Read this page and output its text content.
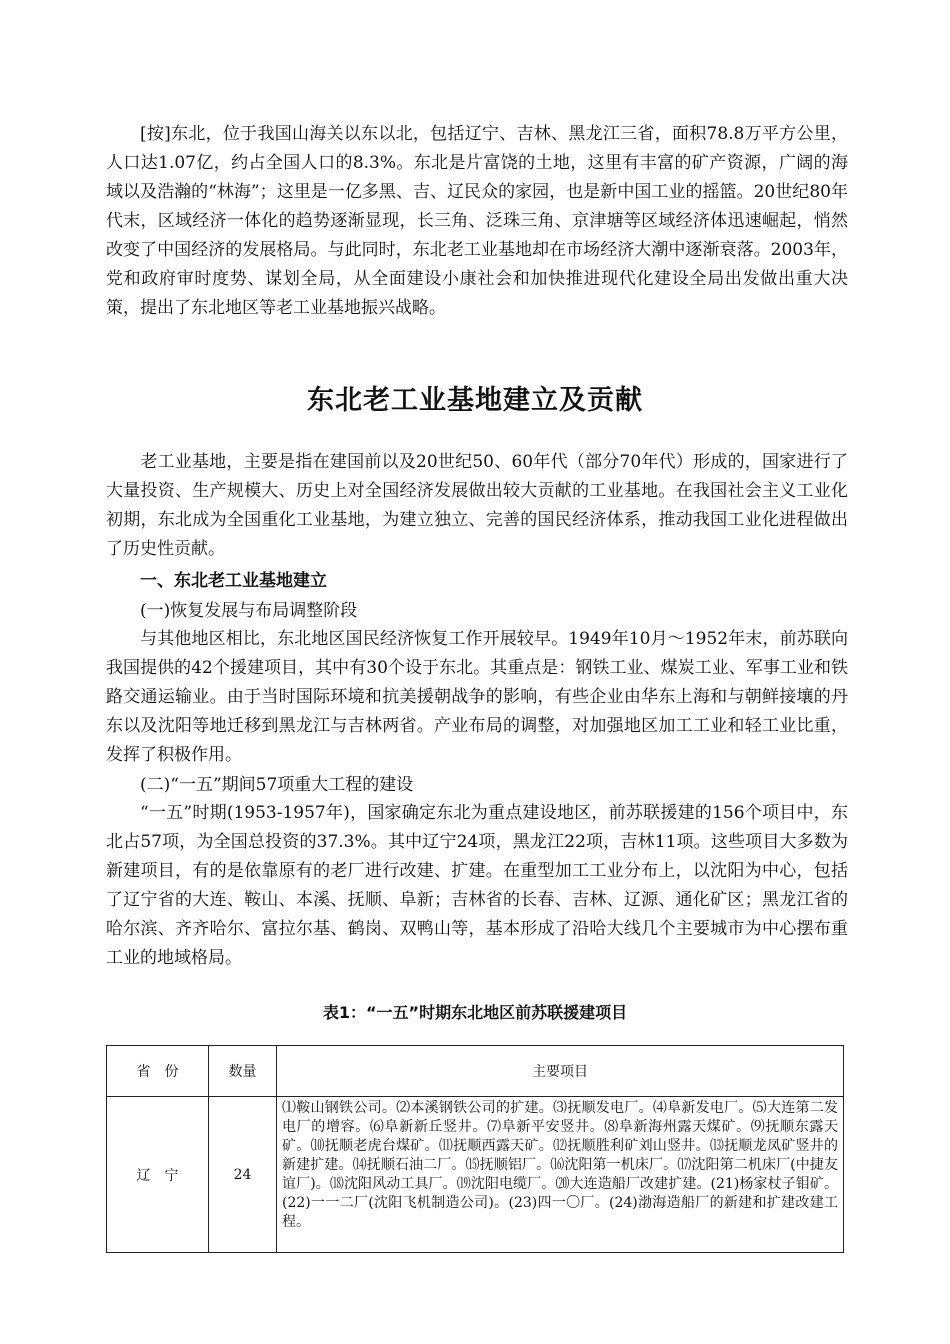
[按]东北，位于我国山海关以东以北，包括辽宁、吉林、黑龙江三省，面积78.8万平方公里，人口达1.07亿，约占全国人口的8.3%。东北是片富饶的土地，这里有丰富的矿产资源，广阔的海域以及浩瀚的“林海”；这里是一亿多黑、吉、辽民众的家园，也是新中国工业的摇篮。20世纪80年代末，区域经济一体化的趋势逐渐显现，长三角、泛珠三角、京津塘等区域经济体迅速崛起，悄然改变了中国经济的发展格局。与此同时，东北老工业基地却在市场经济大潮中逐渐衰落。2003年，党和政府审时度势、谋划全局，从全面建设小康社会和加快推进现代化建设全局出发做出重大决策，提出了东北地区等老工业基地振兴战略。

东北老工业基地建立及贡献

老工业基地，主要是指在建国前以及20世纪50、60年代（部分70年代）形成的，国家进行了大量投资、生产规模大、历史上对全国经济发展做出较大贡献的工业基地。在我国社会主义工业化初期，东北成为全国重化工业基地，为建立独立、完善的国民经济体系，推动我国工业化进程做出了历史性贡献。

一、东北老工业基地建立

(一)恢复发展与布局调整阶段

与其他地区相比，东北地区国民经济恢复工作开展较早。1949年10月～1952年末，前苏联向我国提供的42个援建项目，其中有30个设于东北。其重点是：钢铁工业、煤炭工业、军事工业和铁路交通运输业。由于当时国际环境和抗美援朝战争的影响，有些企业由华东上海和与朝鲜接壤的丹东以及沈阳等地迁移到黑龙江与吉林两省。产业布局的调整，对加强地区加工工业和轻工业比重，发挥了积极作用。

(二)“一五”期间57项重大工程的建设

“一五”时期(1953-1957年)，国家确定东北为重点建设地区，前苏联援建的156个项目中，东北占57项，为全国总投资的37.3%。其中辽宁24项，黑龙江22项，吉林11项。这些项目大多数为新建项目，有的是依靠原有的老厂进行改建、扩建。在重型加工工业分布上，以沈阳为中心，包括了辽宁省的大连、鞍山、本溪、抚顺、阜新；吉林省的长春、吉林、辽源、通化矿区；黑龙江省的哈尔滨、齐齐哈尔、富拉尔基、鹤岗、双鸭山等，基本形成了沿哈大线几个主要城市为中心摆布重工业的地域格局。

表1：“一五”时期东北地区前苏联援建项目

省　份	数量	主要项目
辽　宁	24	⑴鞍山钢铁公司。⑵本溪钢铁公司的扩建。⑶抚顺发电厂。⑷阜新发电厂。⑸大连第二发电厂的增容。⑹阜新新丘竖井。⑺阜新平安竖井。⑻阜新海州露天煤矿。⑼抚顺东露天矿。⑽抚顺老虎台煤矿。⑾抚顺西露天矿。⑿抚顺胜利矿刘山竖井。⒀抚顺龙凤矿竖井的新建扩建。⒁抚顺石油二厂。⒂抚顺铝厂。⒃沈阳第一机床厂。⒄沈阳第二机床厂(中捷友谊厂)。⒅沈阳风动工具厂。⒆沈阳电缆厂。⒇大连造船厂改建扩建。(21)杨家杖子钼矿。(22)一一二厂(沈阳飞机制造公司)。(23)四一〇厂。(24)渤海造船厂的新建和扩建改建工程。
